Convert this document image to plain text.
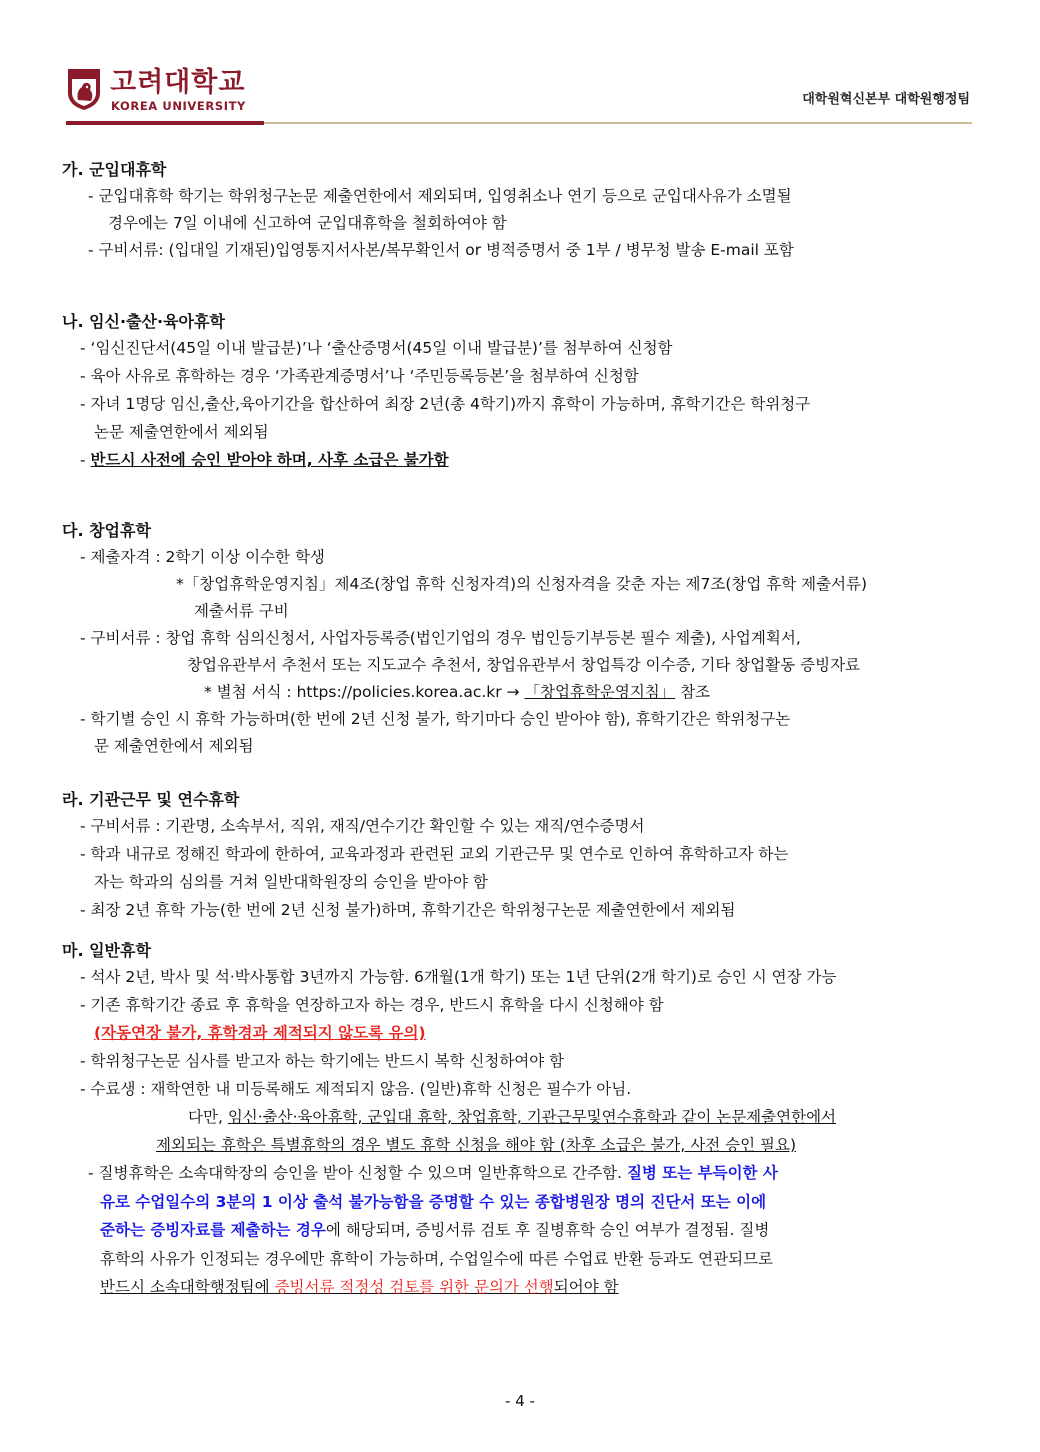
고려대학교
KOREA UNIVERSITY	대학원혁신본부 대학원행정팀
가. 군입대휴학
- 군입대휴학 학기는 학위청구논문 제출연한에서 제외되며, 입영취소나 연기 등으로 군입대사유가 소멸될
경우에는 7일 이내에 신고하여 군입대휴학을 철회하여야 함
- 구비서류: (입대일 기재된)입영통지서사본/복무확인서 or 병적증명서 중 1부 / 병무청 발송 E-mail 포함
나. 임신·출산·육아휴학
- ‘임신진단서(45일 이내 발급분)’나 ‘출산증명서(45일 이내 발급분)’를 첨부하여 신청함
- 육아 사유로 휴학하는 경우 ‘가족관계증명서’나 ‘주민등록등본’을 첨부하여 신청함
- 자녀 1명당 임신,출산,육아기간을 합산하여 최장 2년(총 4학기)까지 휴학이 가능하며, 휴학기간은 학위청구
논문 제출연한에서 제외됨
- 반드시 사전에 승인 받아야 하며, 사후 소급은 불가함
다. 창업휴학
- 제출자격 : 2학기 이상 이수한 학생
*「창업휴학운영지침」제4조(창업 휴학 신청자격)의 신청자격을 갖춘 자는 제7조(창업 휴학 제출서류)
제출서류 구비
- 구비서류 : 창업 휴학 심의신청서, 사업자등록증(법인기업의 경우 법인등기부등본 필수 제출), 사업계획서,
창업유관부서 추천서 또는 지도교수 추천서, 창업유관부서 창업특강 이수증, 기타 창업활동 증빙자료
* 별첨 서식 : https://policies.korea.ac.kr → 「창업휴학운영지침」 참조
- 학기별 승인 시 휴학 가능하며(한 번에 2년 신청 불가, 학기마다 승인 받아야 함), 휴학기간은 학위청구논
문 제출연한에서 제외됨
라. 기관근무 및 연수휴학
- 구비서류 : 기관명, 소속부서, 직위, 재직/연수기간 확인할 수 있는 재직/연수증명서
- 학과 내규로 정해진 학과에 한하여, 교육과정과 관련된 교외 기관근무 및 연수로 인하여 휴학하고자 하는
자는 학과의 심의를 거쳐 일반대학원장의 승인을 받아야 함
- 최장 2년 휴학 가능(한 번에 2년 신청 불가)하며, 휴학기간은 학위청구논문 제출연한에서 제외됨
마. 일반휴학
- 석사 2년, 박사 및 석·박사통합 3년까지 가능함. 6개월(1개 학기) 또는 1년 단위(2개 학기)로 승인 시 연장 가능
- 기존 휴학기간 종료 후 휴학을 연장하고자 하는 경우, 반드시 휴학을 다시 신청해야 함
(자동연장 불가, 휴학경과 제적되지 않도록 유의)
- 학위청구논문 심사를 받고자 하는 학기에는 반드시 복학 신청하여야 함
- 수료생 : 재학연한 내 미등록해도 제적되지 않음. (일반)휴학 신청은 필수가 아님.
다만, 임신·출산·육아휴학, 군입대 휴학, 창업휴학, 기관근무및연수휴학과 같이 논문제출연한에서
제외되는 휴학은 특별휴학의 경우 별도 휴학 신청을 해야 함 (차후 소급은 불가, 사전 승인 필요)
- 질병휴학은 소속대학장의 승인을 받아 신청할 수 있으며 일반휴학으로 간주함. 질병 또는 부득이한 사
유로 수업일수의 3분의 1 이상 출석 불가능함을 증명할 수 있는 종합병원장 명의 진단서 또는 이에
준하는 증빙자료를 제출하는 경우에 해당되며, 증빙서류 검토 후 질병휴학 승인 여부가 결정됨. 질병
휴학의 사유가 인정되는 경우에만 휴학이 가능하며, 수업일수에 따른 수업료 반환 등과도 연관되므로
반드시 소속대학행정팀에 증빙서류 적정성 검토를 위한 문의가 선행되어야 함
- 4 -
